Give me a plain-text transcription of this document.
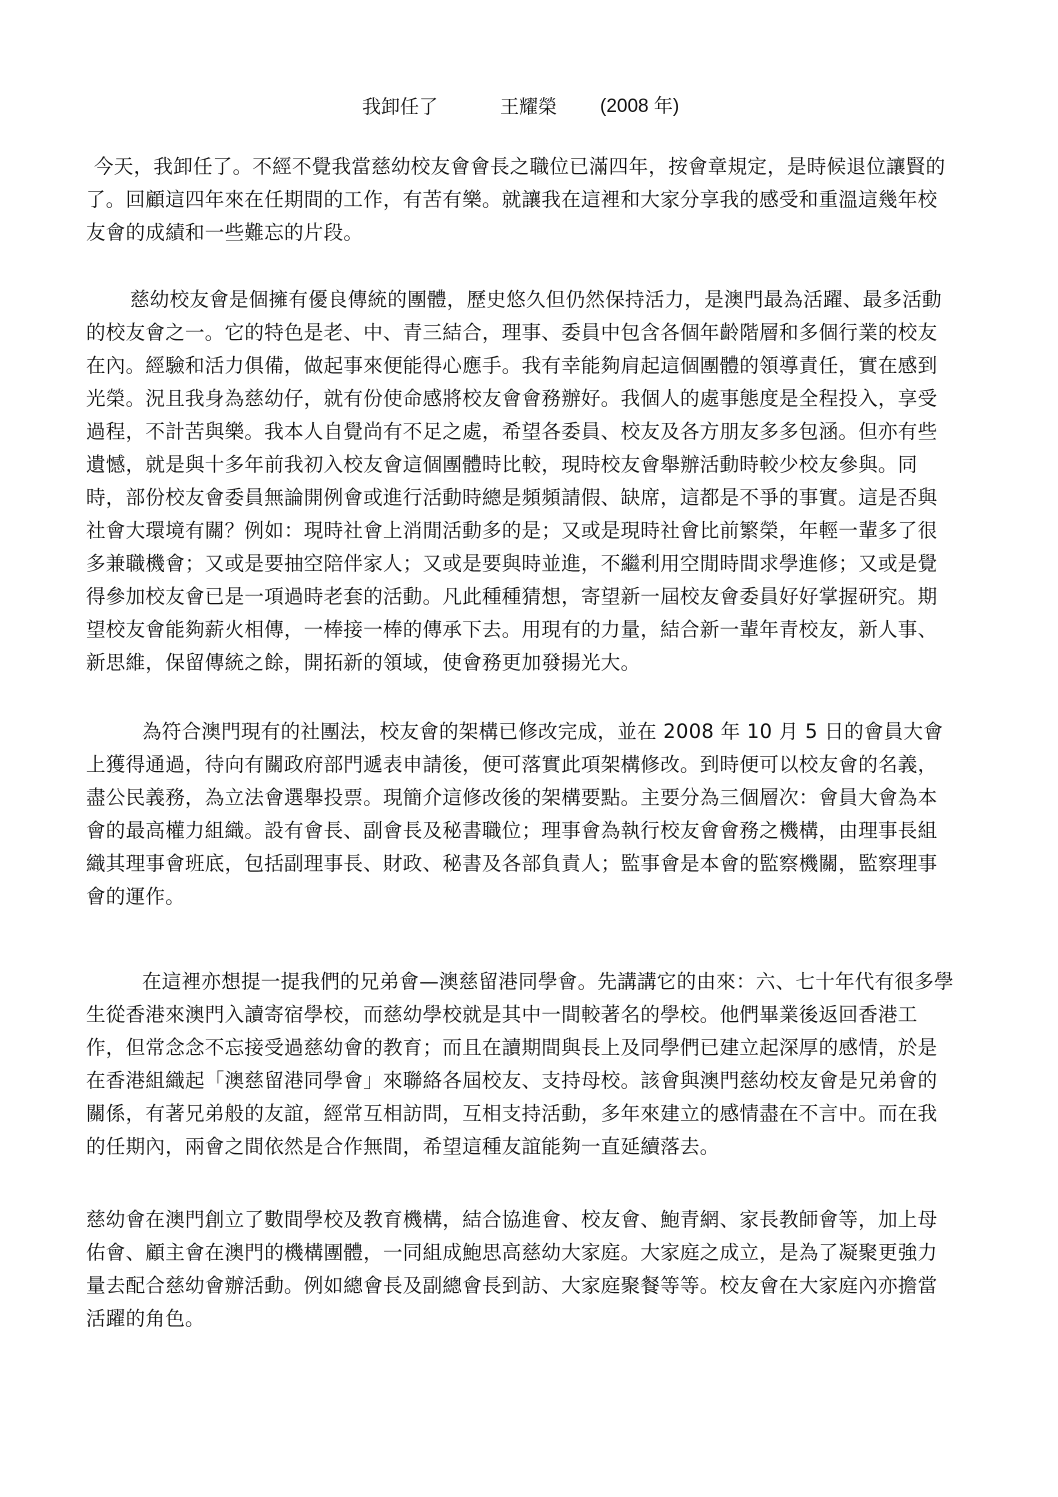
我卸任了	王耀榮 (2008 年)

今天，我卸任了。不經不覺我當慈幼校友會會長之職位已滿四年，按會章規定，是時候退位讓賢的了。回顧這四年來在任期間的工作，有苦有樂。就讓我在這裡和大家分享我的感受和重溫這幾年校友會的成績和一些難忘的片段。

慈幼校友會是個擁有優良傳統的團體，歷史悠久但仍然保持活力，是澳門最為活躍、最多活動的校友會之一。它的特色是老、中、青三結合，理事、委員中包含各個年齡階層和多個行業的校友在內。經驗和活力俱備，做起事來便能得心應手。我有幸能夠肩起這個團體的領導責任，實在感到光榮。況且我身為慈幼仔，就有份使命感將校友會會務辦好。我個人的處事態度是全程投入，享受過程，不計苦與樂。我本人自覺尚有不足之處，希望各委員、校友及各方朋友多多包涵。但亦有些遺憾，就是與十多年前我初入校友會這個團體時比較，現時校友會舉辦活動時較少校友參與。同時，部份校友會委員無論開例會或進行活動時總是頻頻請假、缺席，這都是不爭的事實。這是否與社會大環境有關？例如：現時社會上消閒活動多的是；又或是現時社會比前繁榮，年輕一輩多了很多兼職機會；又或是要抽空陪伴家人；又或是要與時並進，不繼利用空閒時間求學進修；又或是覺得參加校友會已是一項過時老套的活動。凡此種種猜想，寄望新一屆校友會委員好好掌握研究。期望校友會能夠薪火相傳，一棒接一棒的傳承下去。用現有的力量，結合新一輩年青校友，新人事、新思維，保留傳統之餘，開拓新的領域，使會務更加發揚光大。

為符合澳門現有的社團法，校友會的架構已修改完成，並在 2008 年 10 月 5 日的會員大會上獲得通過，待向有關政府部門遞表申請後，便可落實此項架構修改。到時便可以校友會的名義，盡公民義務，為立法會選舉投票。現簡介這修改後的架構要點。主要分為三個層次：會員大會為本會的最高權力組織。設有會長、副會長及秘書職位；理事會為執行校友會會務之機構，由理事長組織其理事會班底，包括副理事長、財政、秘書及各部負責人；監事會是本會的監察機關，監察理事會的運作。

在這裡亦想提一提我們的兄弟會—澳慈留港同學會。先講講它的由來：六、七十年代有很多學生從香港來澳門入讀寄宿學校，而慈幼學校就是其中一間較著名的學校。他們畢業後返回香港工作，但常念念不忘接受過慈幼會的教育；而且在讀期間與長上及同學們已建立起深厚的感情，於是在香港組織起「澳慈留港同學會」來聯絡各屆校友、支持母校。該會與澳門慈幼校友會是兄弟會的關係，有著兄弟般的友誼，經常互相訪問，互相支持活動，多年來建立的感情盡在不言中。而在我的任期內，兩會之間依然是合作無間，希望這種友誼能夠一直延續落去。

慈幼會在澳門創立了數間學校及教育機構，結合協進會、校友會、鮑青網、家長教師會等，加上母佑會、顧主會在澳門的機構團體，一同組成鮑思高慈幼大家庭。大家庭之成立，是為了凝聚更強力量去配合慈幼會辦活動。例如總會長及副總會長到訪、大家庭聚餐等等。校友會在大家庭內亦擔當活躍的角色。
